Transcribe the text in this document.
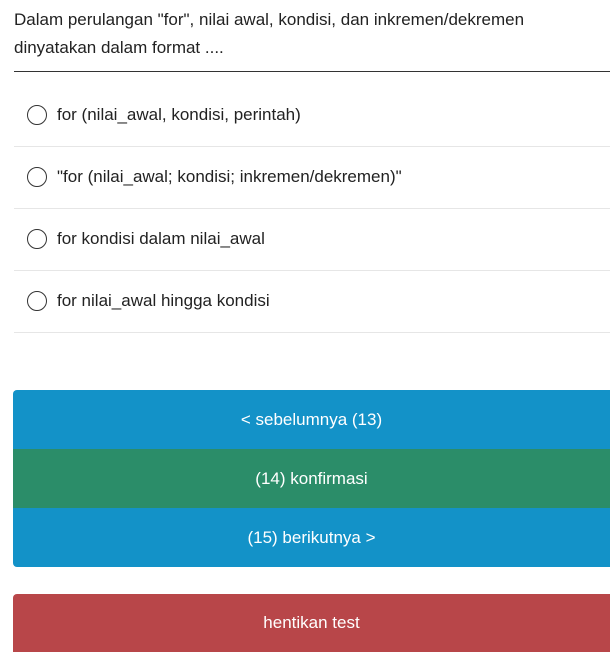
Dalam perulangan "for", nilai awal, kondisi, dan inkremen/dekremen dinyatakan dalam format ....
for (nilai_awal, kondisi, perintah)
"for (nilai_awal; kondisi; inkremen/dekremen)"
for kondisi dalam nilai_awal
for nilai_awal hingga kondisi
< sebelumnya (13)
(14) konfirmasi
(15) berikutnya >
hentikan test
